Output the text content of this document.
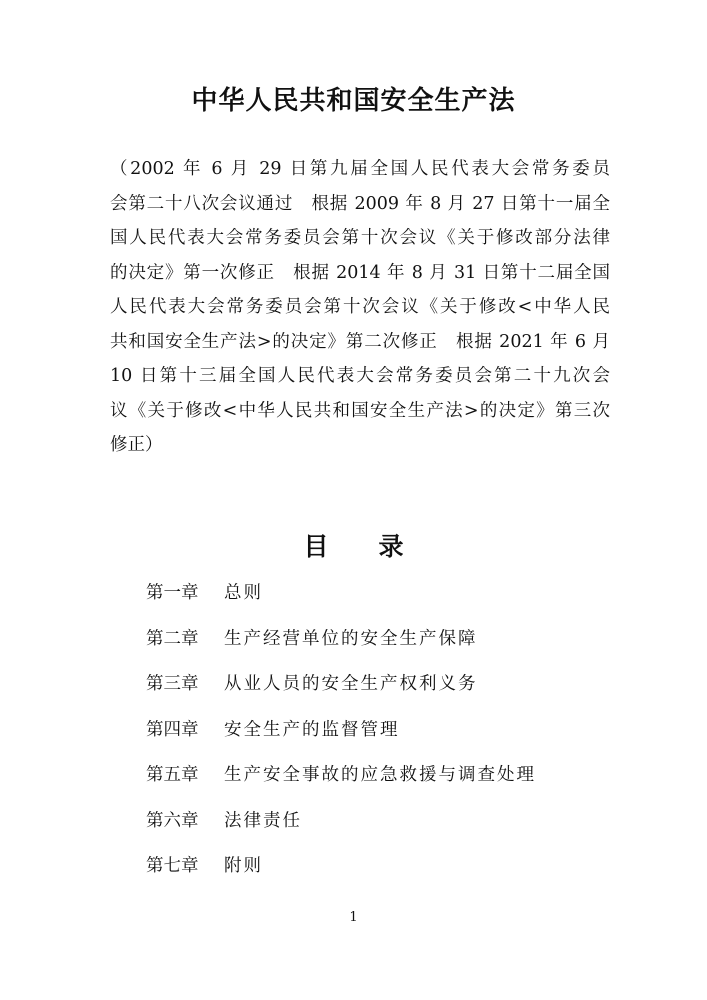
中华人民共和国安全生产法
（2002 年 6 月 29 日第九届全国人民代表大会常务委员
会第二十八次会议通过　根据 2009 年 8 月 27 日第十一届全
国人民代表大会常务委员会第十次会议《关于修改部分法律
的决定》第一次修正　根据 2014 年 8 月 31 日第十二届全国
人民代表大会常务委员会第十次会议《关于修改<中华人民
共和国安全生产法>的决定》第二次修正　根据 2021 年 6 月
10 日第十三届全国人民代表大会常务委员会第二十九次会
议《关于修改<中华人民共和国安全生产法>的决定》第三次
修正）
目 录
第一章 总则
第二章 生产经营单位的安全生产保障
第三章 从业人员的安全生产权利义务
第四章 安全生产的监督管理
第五章 生产安全事故的应急救援与调查处理
第六章 法律责任
第七章 附则
1
